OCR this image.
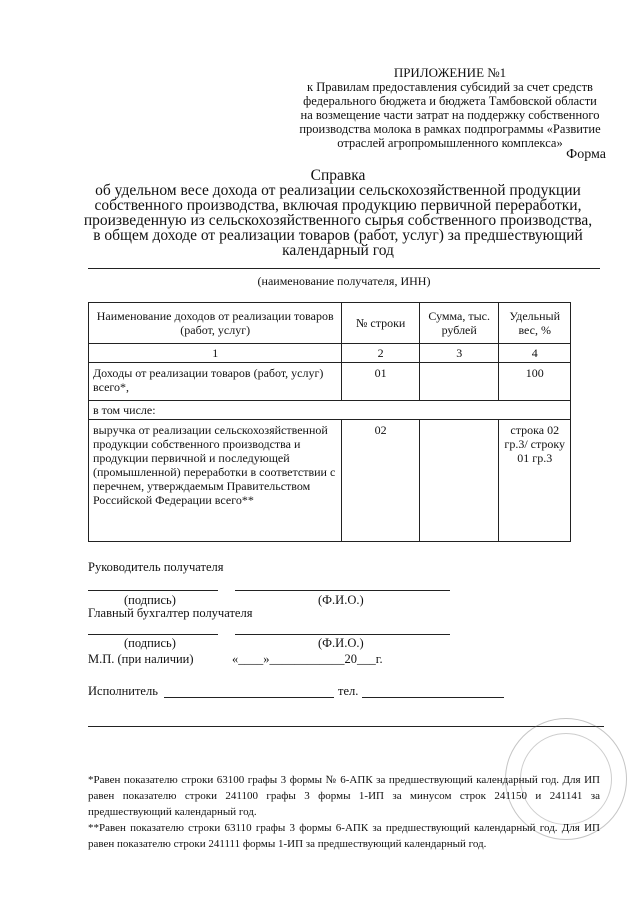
ПРИЛОЖЕНИЕ №1
к Правилам предоставления субсидий за счет средств
федерального бюджета и бюджета Тамбовской области
на возмещение части затрат на поддержку собственного
производства молока в рамках подпрограммы «Развитие
отраслей агропромышленного комплекса»
Форма
Справка
об удельном весе дохода от реализации сельскохозяйственной продукции
собственного производства, включая продукцию первичной переработки,
произведенную из сельскохозяйственного сырья собственного производства,
в общем доходе от реализации товаров (работ, услуг) за предшествующий
календарный год
(наименование получателя, ИНН)
Наименование доходов от реализации товаров (работ, услуг)	№ строки	Сумма, тыс. рублей	Удельный вес, %
1	2	3	4
Доходы от реализации товаров (работ, услуг) всего*,	01		100
в том числе:			
выручка от реализации сельскохозяйственной продукции собственного производства и продукции первичной и последующей (промышленной) переработки в соответствии с перечнем, утверждаемым Правительством Российской Федерации всего**	02		строка 02 гр.3/ строку 01 гр.3
Руководитель получателя
(подпись)	(Ф.И.О.)
Главный бухгалтер получателя
(подпись)	(Ф.И.О.)
М.П. (при наличии)	«____»____________20___г.
Исполнитель	тел.
*Равен показателю строки 63100 графы 3 формы № 6-АПК за предшествующий календарный год. Для ИП равен показателю строки 241100 графы 3 формы 1-ИП за минусом строк 241150 и 241141 за предшествующий календарный год.
**Равен показателю строки 63110 графы 3 формы 6-АПК за предшествующий календарный год. Для ИП равен показателю строки 241111 формы 1-ИП за предшествующий календарный год.
